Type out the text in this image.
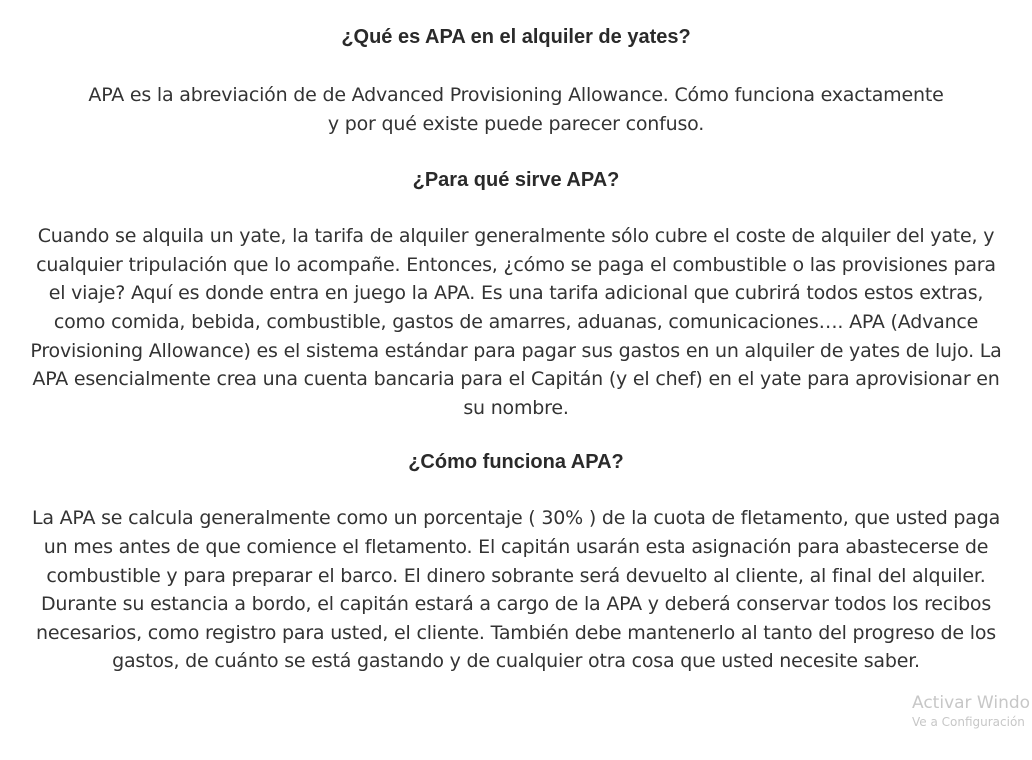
¿Qué es APA en el alquiler de yates?

APA es la abreviación de de Advanced Provisioning Allowance. Cómo funciona exactamente y por qué existe puede parecer confuso.

¿Para qué sirve APA?

Cuando se alquila un yate, la tarifa de alquiler generalmente sólo cubre el coste de alquiler del yate, y cualquier tripulación que lo acompañe. Entonces, ¿cómo se paga el combustible o las provisiones para el viaje? Aquí es donde entra en juego la APA. Es una tarifa adicional que cubrirá todos estos extras, como comida, bebida, combustible, gastos de amarres, aduanas, comunicaciones…. APA (Advance Provisioning Allowance) es el sistema estándar para pagar sus gastos en un alquiler de yates de lujo. La APA esencialmente crea una cuenta bancaria para el Capitán (y el chef) en el yate para aprovisionar en su nombre.

¿Cómo funciona APA?

La APA se calcula generalmente como un porcentaje ( 30% ) de la cuota de fletamento, que usted paga un mes antes de que comience el fletamento. El capitán usarán esta asignación para abastecerse de combustible y para preparar el barco. El dinero sobrante será devuelto al cliente, al final del alquiler. Durante su estancia a bordo, el capitán estará a cargo de la APA y deberá conservar todos los recibos necesarios, como registro para usted, el cliente. También debe mantenerlo al tanto del progreso de los gastos, de cuánto se está gastando y de cualquier otra cosa que usted necesite saber.

Activar Windo
Ve a Configuración
